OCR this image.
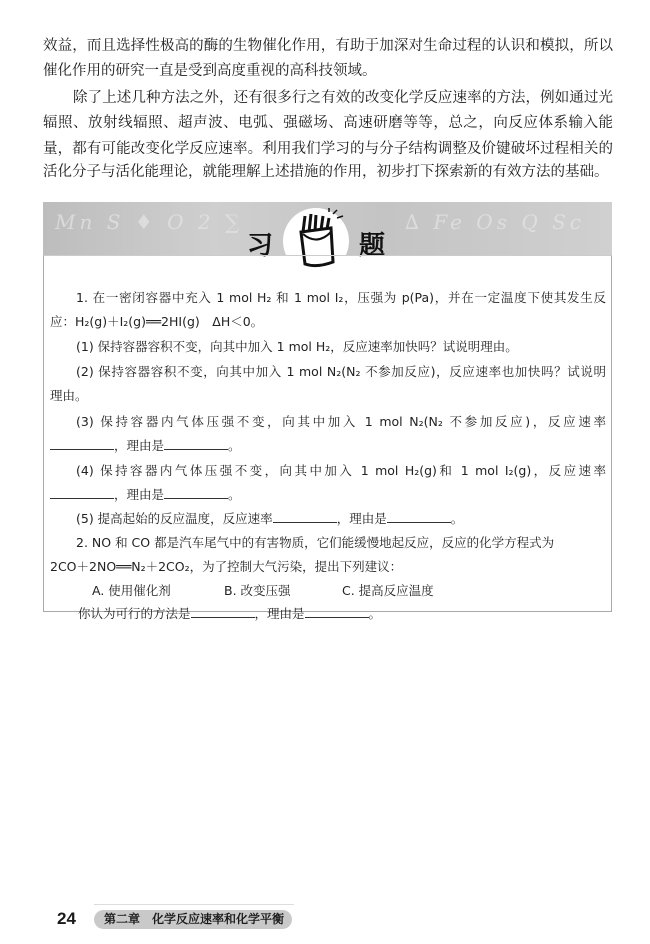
效益，而且选择性极高的酶的生物催化作用，有助于加深对生命过程的认识和模拟，所以
催化作用的研究一直是受到高度重视的高科技领域。
除了上述几种方法之外，还有很多行之有效的改变化学反应速率的方法，例如通过光
辐照、放射线辐照、超声波、电弧、强磁场、高速研磨等等，总之，向反应体系输入能
量，都有可能改变化学反应速率。利用我们学习的与分子结构调整及价键破坏过程相关的
活化分子与活化能理论，就能理解上述措施的作用，初步打下探索新的有效方法的基础。
Mn S ♦ O 2 ∑	∆ Fe Os Q Sc
习	题
1. 在一密闭容器中充入 1 mol H₂ 和 1 mol I₂，压强为 p(Pa)，并在一定温度下使其发生反
应：H₂(g)＋I₂(g)══2HI(g)　ΔH＜0。
(1) 保持容器容积不变，向其中加入 1 mol H₂，反应速率加快吗？试说明理由。
(2) 保持容器容积不变，向其中加入 1 mol N₂(N₂ 不参加反应)，反应速率也加快吗？试说明
理由。
(3) 保持容器内气体压强不变，向其中加入 1 mol N₂(N₂ 不参加反应)，反应速率
，理由是	。
(4) 保持容器内气体压强不变，向其中加入 1 mol H₂(g)和 1 mol I₂(g)，反应速率
，理由是	。
(5) 提高起始的反应温度，反应速率	，理由是	。
2. NO 和 CO 都是汽车尾气中的有害物质，它们能缓慢地起反应，反应的化学方程式为
2CO＋2NO══N₂＋2CO₂，为了控制大气污染，提出下列建议：
A. 使用催化剂	B. 改变压强	C. 提高反应温度
你认为可行的方法是	，理由是	。
24	第二章　化学反应速率和化学平衡
